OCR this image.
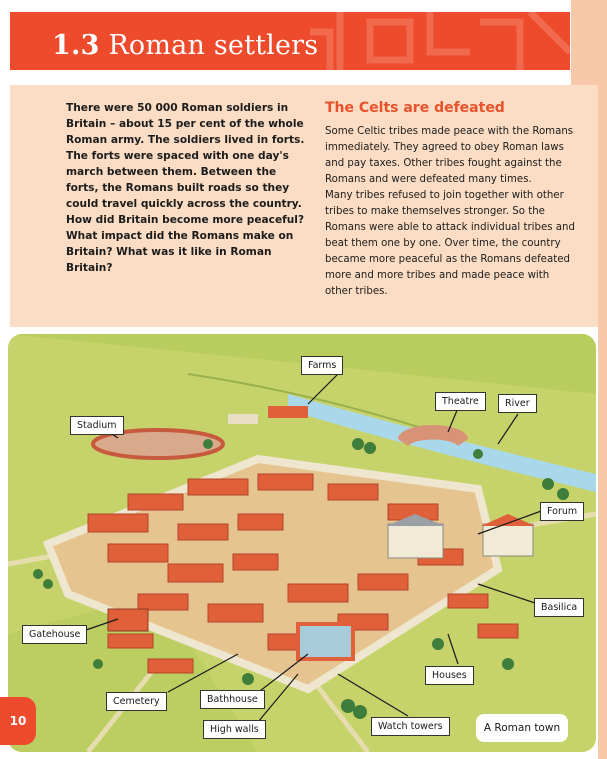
1.3 Roman settlers
There were 50 000 Roman soldiers in Britain – about 15 per cent of the whole Roman army. The soldiers lived in forts. The forts were spaced with one day's march between them. Between the forts, the Romans built roads so they could travel quickly across the country. How did Britain become more peaceful? What impact did the Romans make on Britain? What was it like in Roman Britain?
The Celts are defeated
Some Celtic tribes made peace with the Romans immediately. They agreed to obey Roman laws and pay taxes. Other tribes fought against the Romans and were defeated many times.
Many tribes refused to join together with other tribes to make themselves stronger. So the Romans were able to attack individual tribes and beat them one by one. Over time, the country became more peaceful as the Romans defeated more and more tribes and made peace with other tribes.
Farms
Theatre	River
Stadium
Forum
Basilica
Gatehouse
Houses
Cemetery	Bathhouse
High walls	Watch towers	A Roman town
10
